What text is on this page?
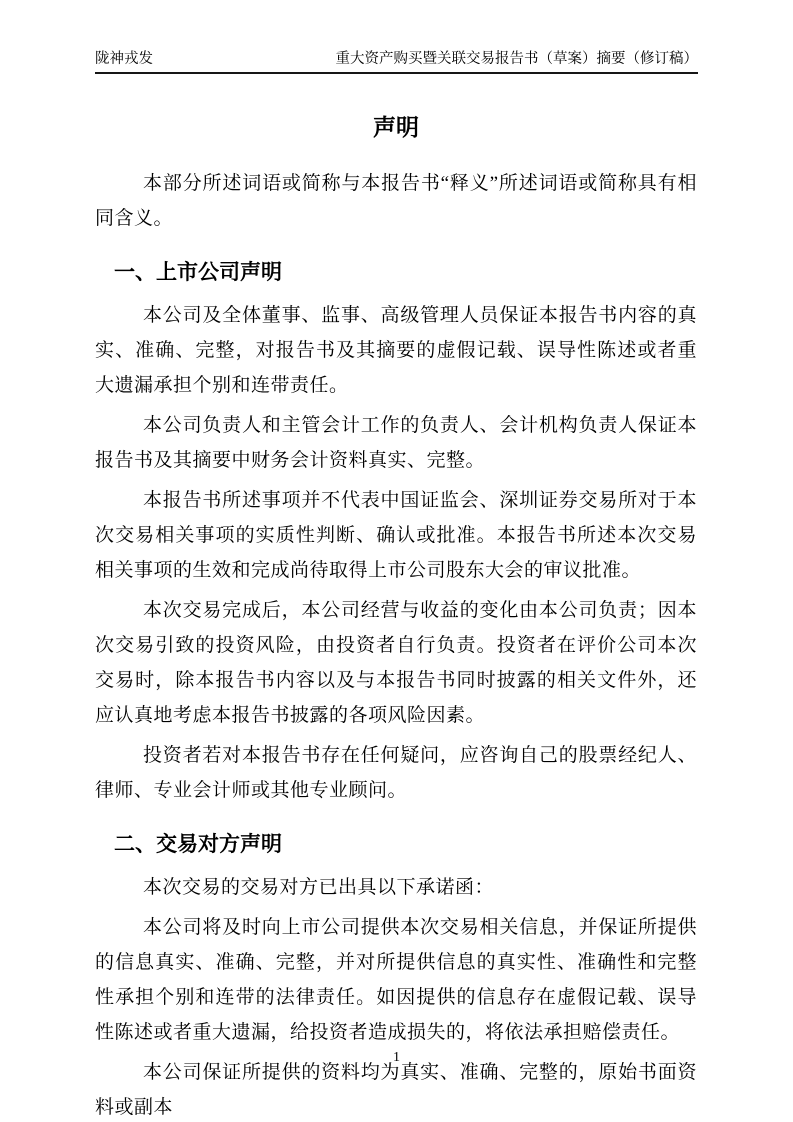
陇神戎发	重大资产购买暨关联交易报告书（草案）摘要（修订稿）
声明

本部分所述词语或简称与本报告书“释义”所述词语或简称具有相同含义。

一、上市公司声明

本公司及全体董事、监事、高级管理人员保证本报告书内容的真实、准确、完整，对报告书及其摘要的虚假记载、误导性陈述或者重大遗漏承担个别和连带责任。

本公司负责人和主管会计工作的负责人、会计机构负责人保证本报告书及其摘要中财务会计资料真实、完整。

本报告书所述事项并不代表中国证监会、深圳证券交易所对于本次交易相关事项的实质性判断、确认或批准。本报告书所述本次交易相关事项的生效和完成尚待取得上市公司股东大会的审议批准。

本次交易完成后，本公司经营与收益的变化由本公司负责；因本次交易引致的投资风险，由投资者自行负责。投资者在评价公司本次交易时，除本报告书内容以及与本报告书同时披露的相关文件外，还应认真地考虑本报告书披露的各项风险因素。

投资者若对本报告书存在任何疑问，应咨询自己的股票经纪人、律师、专业会计师或其他专业顾问。

二、交易对方声明

本次交易的交易对方已出具以下承诺函：

本公司将及时向上市公司提供本次交易相关信息，并保证所提供的信息真实、准确、完整，并对所提供信息的真实性、准确性和完整性承担个别和连带的法律责任。如因提供的信息存在虚假记载、误导性陈述或者重大遗漏，给投资者造成损失的，将依法承担赔偿责任。

本公司保证所提供的资料均为真实、准确、完整的，原始书面资料或副本

1
